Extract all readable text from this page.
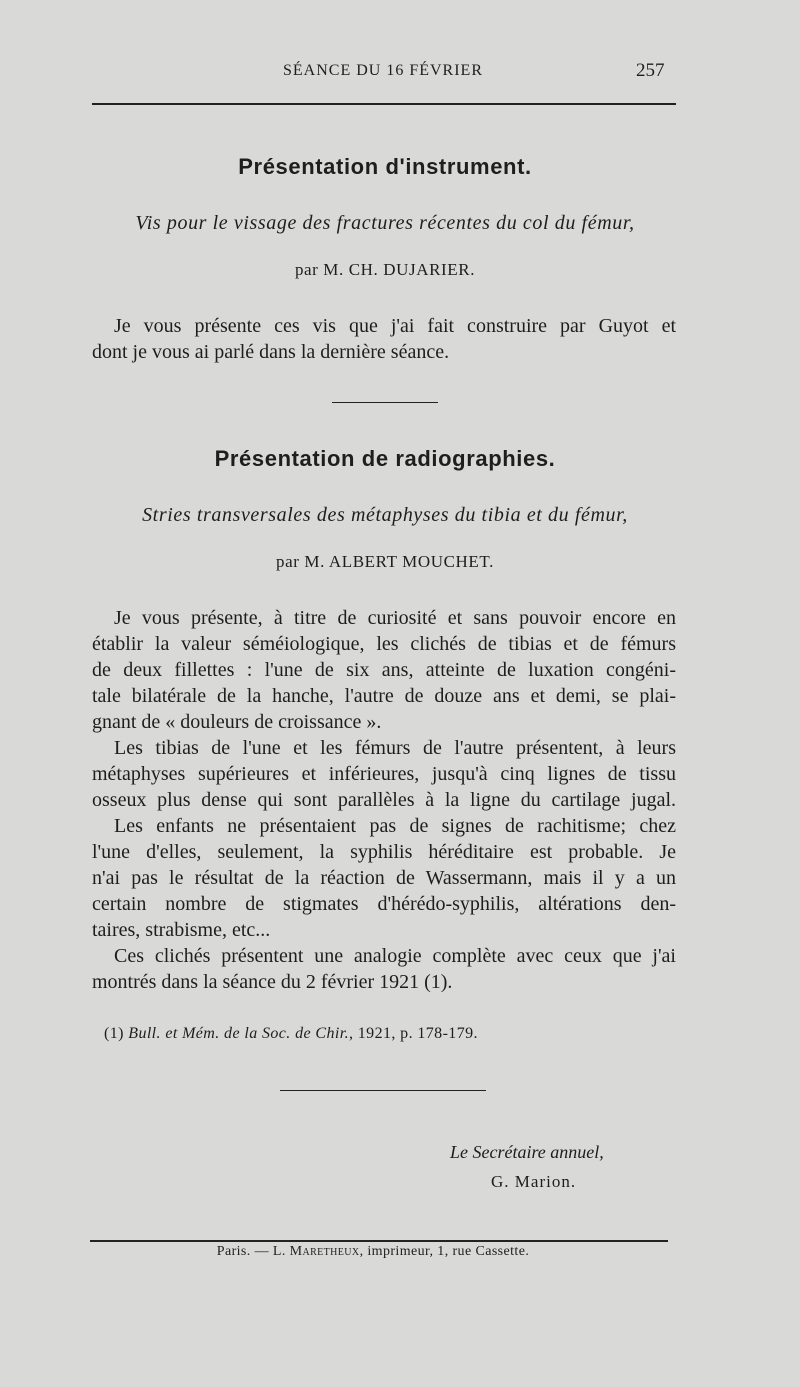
SÉANCE DU 16 FÉVRIER	257
Présentation d'instrument.
Vis pour le vissage des fractures récentes du col du fémur,
par M. CH. DUJARIER.
Je vous présente ces vis que j'ai fait construire par Guyot et
dont je vous ai parlé dans la dernière séance.
Présentation de radiographies.
Stries transversales des métaphyses du tibia et du fémur,
par M. ALBERT MOUCHET.
Je vous présente, à titre de curiosité et sans pouvoir encore en
établir la valeur séméiologique, les clichés de tibias et de fémurs
de deux fillettes : l'une de six ans, atteinte de luxation congéni-
tale bilatérale de la hanche, l'autre de douze ans et demi, se plai-
gnant de « douleurs de croissance ».
Les tibias de l'une et les fémurs de l'autre présentent, à leurs
métaphyses supérieures et inférieures, jusqu'à cinq lignes de tissu
osseux plus dense qui sont parallèles à la ligne du cartilage jugal.
Les enfants ne présentaient pas de signes de rachitisme; chez
l'une d'elles, seulement, la syphilis héréditaire est probable. Je
n'ai pas le résultat de la réaction de Wassermann, mais il y a un
certain nombre de stigmates d'hérédo-syphilis, altérations den-
taires, strabisme, etc...
Ces clichés présentent une analogie complète avec ceux que j'ai
montrés dans la séance du 2 février 1921 (1).
(1) Bull. et Mém. de la Soc. de Chir., 1921, p. 178-179.
Le Secrétaire annuel,
G. Marion.
Paris. — L. Maretheux, imprimeur, 1, rue Cassette.
